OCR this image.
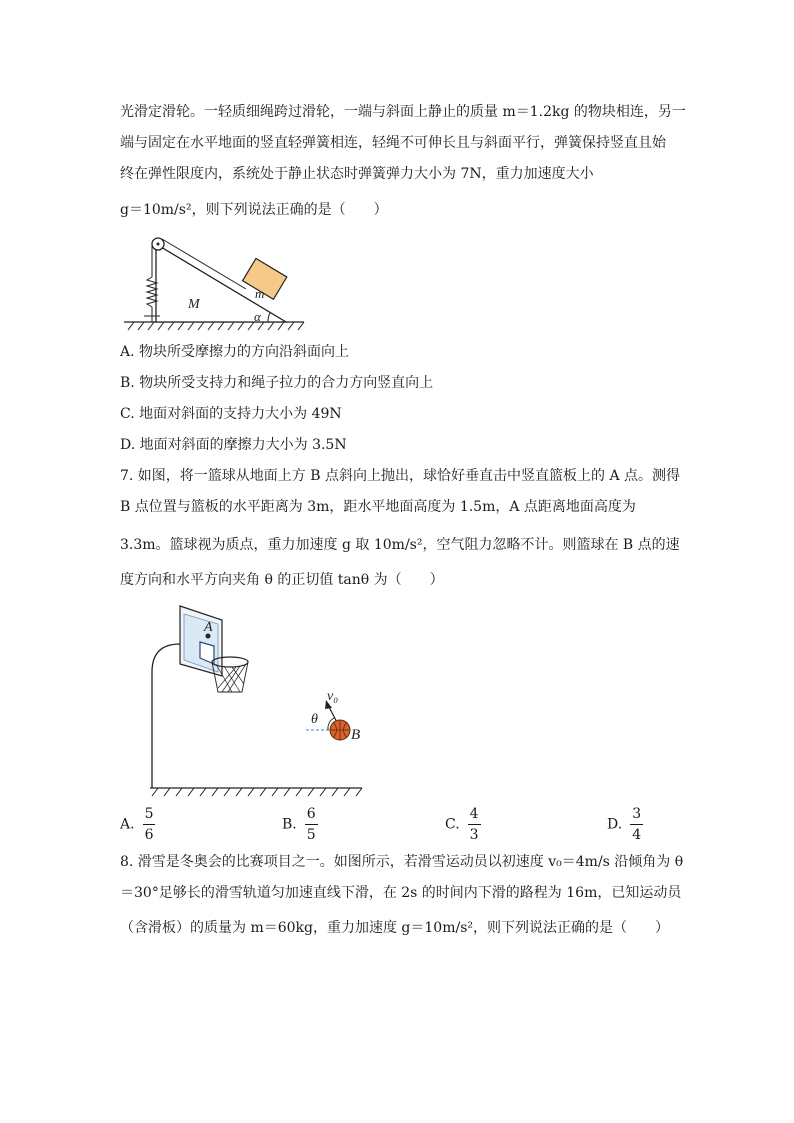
光滑定滑轮。一轻质细绳跨过滑轮，一端与斜面上静止的质量 m＝1.2kg 的物块相连，另一
端与固定在水平地面的竖直轻弹簧相连，轻绳不可伸长且与斜面平行，弹簧保持竖直且始
终在弹性限度内，系统处于静止状态时弹簧弹力大小为 7N，重力加速度大小
g＝10m/s²，则下列说法正确的是（　　）
m
M
α
A. 物块所受摩擦力的方向沿斜面向上
B. 物块所受支持力和绳子拉力的合力方向竖直向上
C. 地面对斜面的支持力大小为 49N
D. 地面对斜面的摩擦力大小为 3.5N
7. 如图，将一篮球从地面上方 B 点斜向上抛出，球恰好垂直击中竖直篮板上的 A 点。测得
B 点位置与篮板的水平距离为 3m，距水平地面高度为 1.5m，A 点距离地面高度为
3.3m。篮球视为质点，重力加速度 g 取 10m/s²，空气阻力忽略不计。则篮球在 B 点的速
度方向和水平方向夹角 θ 的正切值 tanθ 为（　　）
A
v₀
θ
B
A. $\frac{5}{6}$	B. $\frac{6}{5}$	C. $\frac{4}{3}$	D. $\frac{3}{4}$
8. 滑雪是冬奥会的比赛项目之一。如图所示，若滑雪运动员以初速度 v₀＝4m/s 沿倾角为 θ
＝30°足够长的滑雪轨道匀加速直线下滑，在 2s 的时间内下滑的路程为 16m，已知运动员
（含滑板）的质量为 m＝60kg，重力加速度 g＝10m/s²，则下列说法正确的是（　　）
